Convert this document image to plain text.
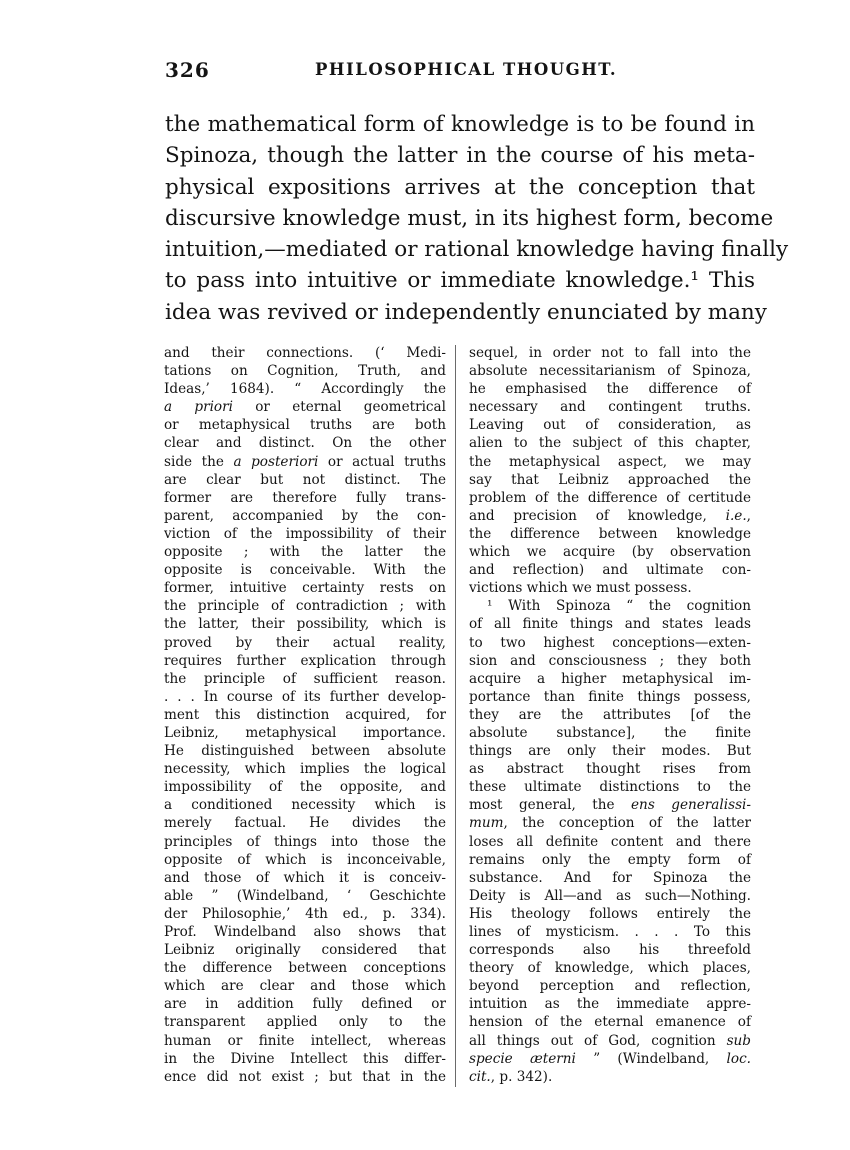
326	PHILOSOPHICAL THOUGHT.
the mathematical form of knowledge is to be found in
Spinoza, though the latter in the course of his meta-
physical expositions arrives at the conception that
discursive knowledge must, in its highest form, become
intuition,—mediated or rational knowledge having finally
to pass into intuitive or immediate knowledge.¹ This
idea was revived or independently enunciated by many
and their connections. (‘ Medi-
tations on Cognition, Truth, and
Ideas,’ 1684). “ Accordingly the
a priori or eternal geometrical
or metaphysical truths are both
clear and distinct. On the other
side the a posteriori or actual truths
are clear but not distinct. The
former are therefore fully trans-
parent, accompanied by the con-
viction of the impossibility of their
opposite ; with the latter the
opposite is conceivable. With the
former, intuitive certainty rests on
the principle of contradiction ; with
the latter, their possibility, which is
proved by their actual reality,
requires further explication through
the principle of sufficient reason.
. . . In course of its further develop-
ment this distinction acquired, for
Leibniz, metaphysical importance.
He distinguished between absolute
necessity, which implies the logical
impossibility of the opposite, and
a conditioned necessity which is
merely factual. He divides the
principles of things into those the
opposite of which is inconceivable,
and those of which it is conceiv-
able ” (Windelband, ‘ Geschichte
der Philosophie,’ 4th ed., p. 334).
Prof. Windelband also shows that
Leibniz originally considered that
the difference between conceptions
which are clear and those which
are in addition fully defined or
transparent applied only to the
human or finite intellect, whereas
in the Divine Intellect this differ-
ence did not exist ; but that in the
sequel, in order not to fall into the
absolute necessitarianism of Spinoza,
he emphasised the difference of
necessary and contingent truths.
Leaving out of consideration, as
alien to the subject of this chapter,
the metaphysical aspect, we may
say that Leibniz approached the
problem of the difference of certitude
and precision of knowledge, i.e.,
the difference between knowledge
which we acquire (by observation
and reflection) and ultimate con-
victions which we must possess.
¹ With Spinoza “ the cognition
of all finite things and states leads
to two highest conceptions—exten-
sion and consciousness ; they both
acquire a higher metaphysical im-
portance than finite things possess,
they are the attributes [of the
absolute substance], the finite
things are only their modes. But
as abstract thought rises from
these ultimate distinctions to the
most general, the ens generalissi-
mum, the conception of the latter
loses all definite content and there
remains only the empty form of
substance. And for Spinoza the
Deity is All—and as such—Nothing.
His theology follows entirely the
lines of mysticism. . . . To this
corresponds also his threefold
theory of knowledge, which places,
beyond perception and reflection,
intuition as the immediate appre-
hension of the eternal emanence of
all things out of God, cognition sub
specie æterni ” (Windelband, loc.
cit., p. 342).
